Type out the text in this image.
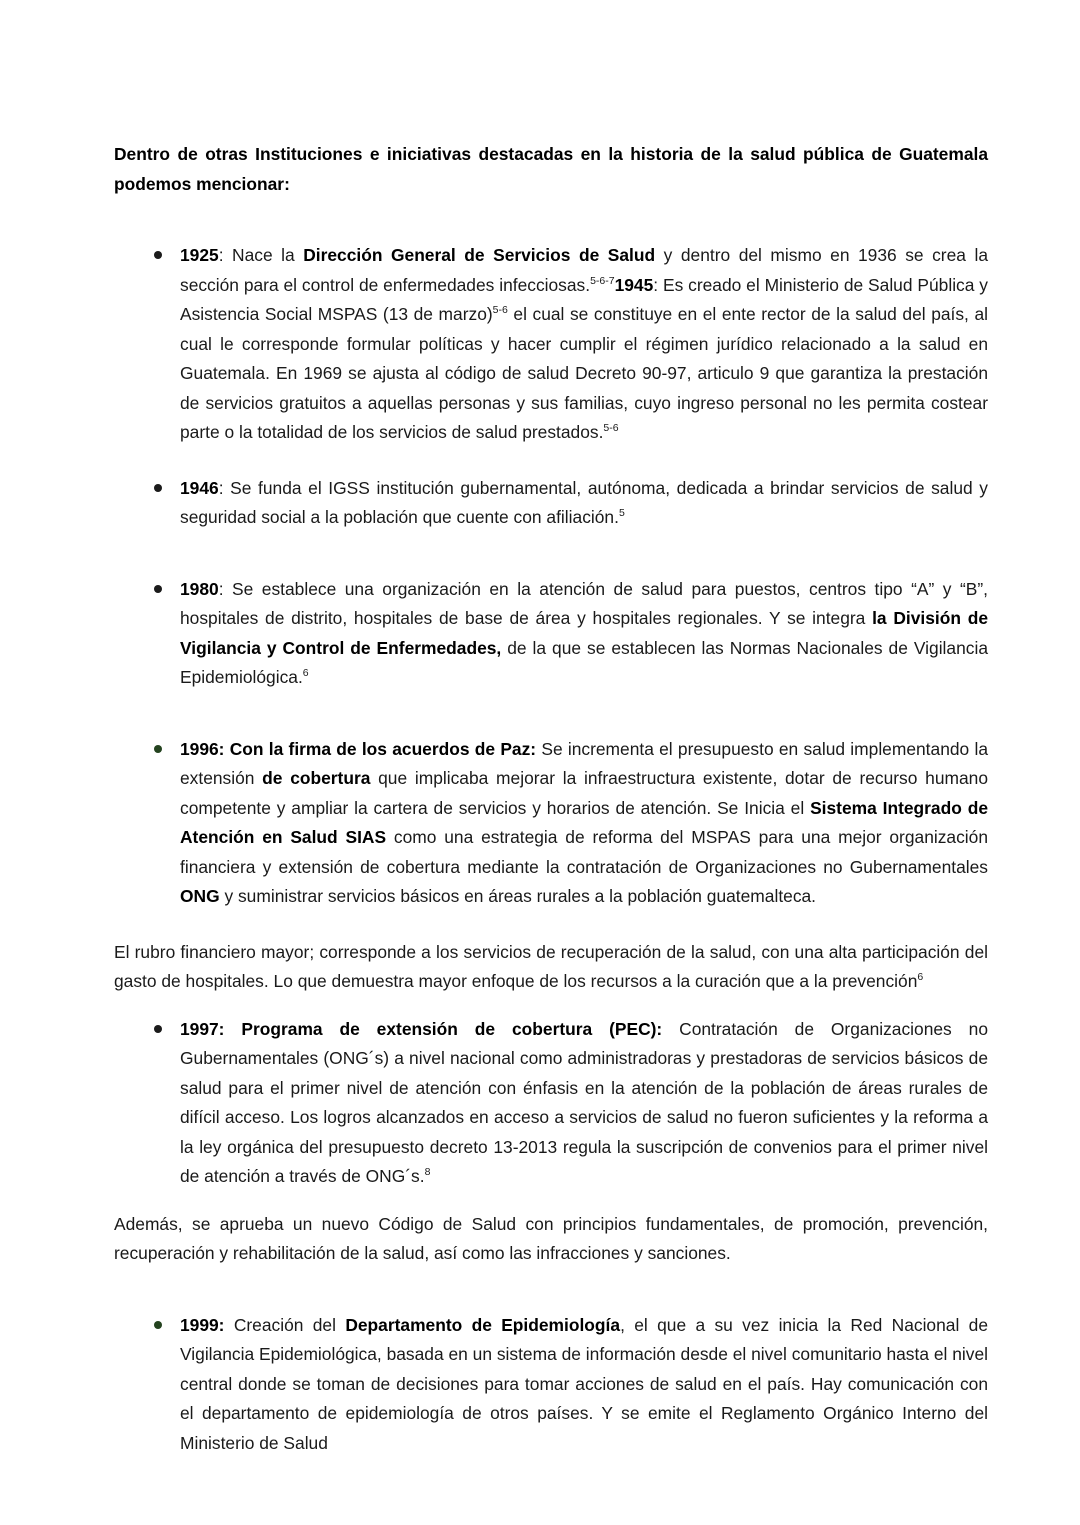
Dentro de otras Instituciones e iniciativas destacadas en la historia de la salud pública de Guatemala podemos mencionar:

1925: Nace la Dirección General de Servicios de Salud y dentro del mismo en 1936 se crea la sección para el control de enfermedades infecciosas.$^{5-6-7}$1945: Es creado el Ministerio de Salud Pública y Asistencia Social MSPAS (13 de marzo)$^{5-6}$ el cual se constituye en el ente rector de la salud del país, al cual le corresponde formular políticas y hacer cumplir el régimen jurídico relacionado a la salud en Guatemala. En 1969 se ajusta al código de salud Decreto 90-97, articulo 9 que garantiza la prestación de servicios gratuitos a aquellas personas y sus familias, cuyo ingreso personal no les permita costear parte o la totalidad de los servicios de salud prestados.$^{5-6}$

1946: Se funda el IGSS institución gubernamental, autónoma, dedicada a brindar servicios de salud y seguridad social a la población que cuente con afiliación.$^5$

1980: Se establece una organización en la atención de salud para puestos, centros tipo “A” y “B”, hospitales de distrito, hospitales de base de área y hospitales regionales. Y se integra la División de Vigilancia y Control de Enfermedades, de la que se establecen las Normas Nacionales de Vigilancia Epidemiológica.$^6$

1996: Con la firma de los acuerdos de Paz: Se incrementa el presupuesto en salud implementando la extensión de cobertura que implicaba mejorar la infraestructura existente, dotar de recurso humano competente y ampliar la cartera de servicios y horarios de atención. Se Inicia el Sistema Integrado de Atención en Salud SIAS como una estrategia de reforma del MSPAS para una mejor organización financiera y extensión de cobertura mediante la contratación de Organizaciones no Gubernamentales ONG y suministrar servicios básicos en áreas rurales a la población guatemalteca.

El rubro financiero mayor; corresponde a los servicios de recuperación de la salud, con una alta participación del gasto de hospitales. Lo que demuestra mayor enfoque de los recursos a la curación que a la prevención$^6$

1997: Programa de extensión de cobertura (PEC): Contratación de Organizaciones no Gubernamentales (ONG´s) a nivel nacional como administradoras y prestadoras de servicios básicos de salud para el primer nivel de atención con énfasis en la atención de la población de áreas rurales de difícil acceso. Los logros alcanzados en acceso a servicios de salud no fueron suficientes y la reforma a la ley orgánica del presupuesto decreto 13-2013 regula la suscripción de convenios para el primer nivel de atención a través de ONG´s.$^8$

Además, se aprueba un nuevo Código de Salud con principios fundamentales, de promoción, prevención, recuperación y rehabilitación de la salud, así como las infracciones y sanciones.

1999: Creación del Departamento de Epidemiología, el que a su vez inicia la Red Nacional de Vigilancia Epidemiológica, basada en un sistema de información desde el nivel comunitario hasta el nivel central donde se toman de decisiones para tomar acciones de salud en el país. Hay comunicación con el departamento de epidemiología de otros países. Y se emite el Reglamento Orgánico Interno del Ministerio de Salud
